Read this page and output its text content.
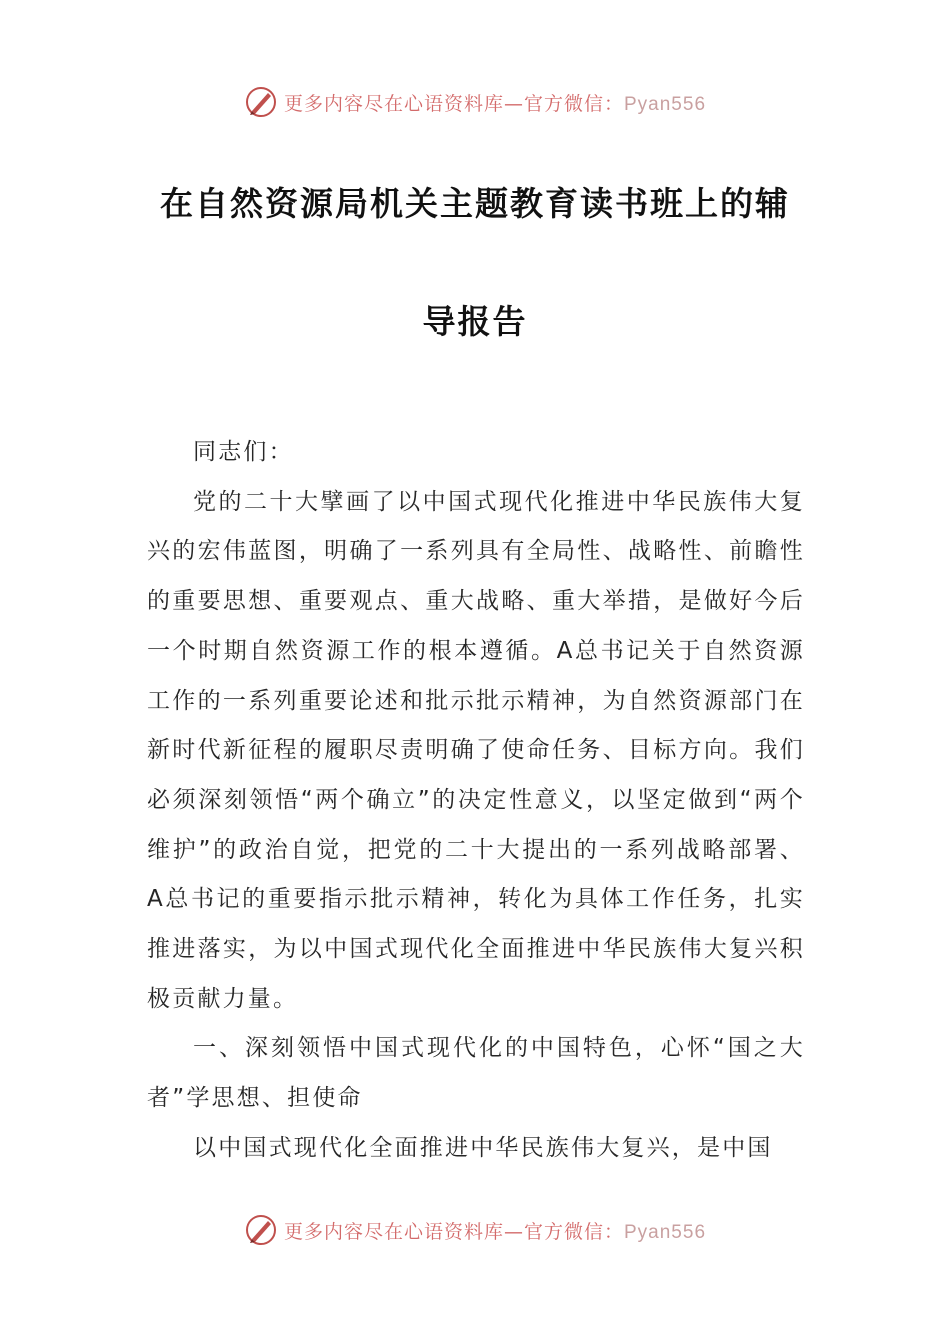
更多内容尽在心语资料库—官方微信：Pyan556
在自然资源局机关主题教育读书班上的辅
导报告

同志们：

党的二十大擘画了以中国式现代化推进中华民族伟大复兴的宏伟蓝图，明确了一系列具有全局性、战略性、前瞻性的重要思想、重要观点、重大战略、重大举措，是做好今后一个时期自然资源工作的根本遵循。A总书记关于自然资源工作的一系列重要论述和批示批示精神，为自然资源部门在新时代新征程的履职尽责明确了使命任务、目标方向。我们必须深刻领悟“两个确立”的决定性意义，以坚定做到“两个维护”的政治自觉，把党的二十大提出的一系列战略部署、A总书记的重要指示批示精神，转化为具体工作任务，扎实推进落实，为以中国式现代化全面推进中华民族伟大复兴积极贡献力量。

一、深刻领悟中国式现代化的中国特色，心怀“国之大者”学思想、担使命

以中国式现代化全面推进中华民族伟大复兴，是中国

更多内容尽在心语资料库—官方微信：Pyan556
